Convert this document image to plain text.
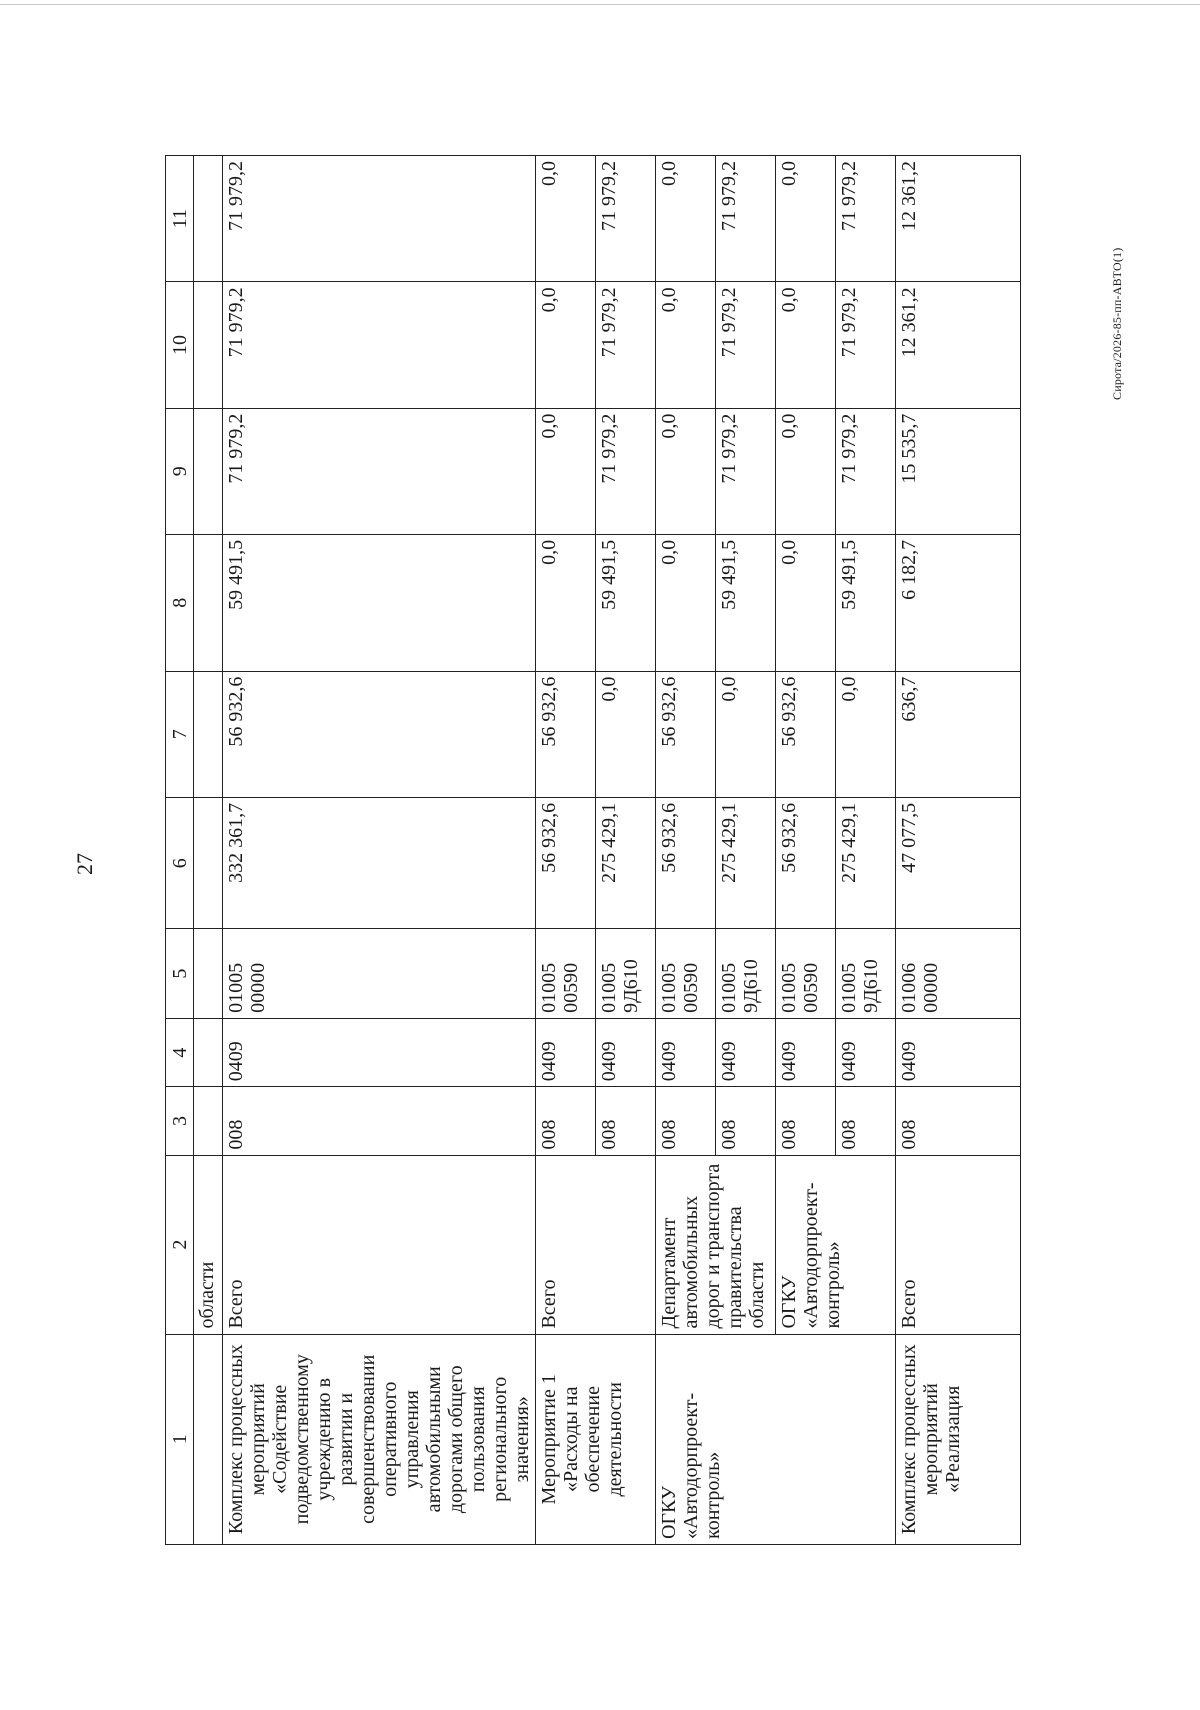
27
1	2	3	4	5	6	7	8	9	10	11
	области									
Комплекс процессных мероприятий «Содействие подведомственному учреждению в развитии и совершенствовании оперативного управления автомобильными дорогами общего пользования регионального значения»	Всего	008	0409	01005 00000	332 361,7	56 932,6	59 491,5	71 979,2	71 979,2	71 979,2
Мероприятие 1 «Расходы на обеспечение деятельности	Всего	008	0409	01005 00590	56 932,6	56 932,6	0,0	0,0	0,0	0,0
		008	0409	01005 9Д610	275 429,1	0,0	59 491,5	71 979,2	71 979,2	71 979,2
ОГКУ «Автодорпроект-контроль»	Департамент автомобильных дорог и транспорта правительства области	008	0409	01005 00590	56 932,6	56 932,6	0,0	0,0	0,0	0,0
		008	0409	01005 9Д610	275 429,1	0,0	59 491,5	71 979,2	71 979,2	71 979,2
	ОГКУ «Автодорпроект-контроль»	008	0409	01005 00590	56 932,6	56 932,6	0,0	0,0	0,0	0,0
		008	0409	01005 9Д610	275 429,1	0,0	59 491,5	71 979,2	71 979,2	71 979,2
Комплекс процессных мероприятий «Реализация	Всего	008	0409	01006 00000	47 077,5	636,7	6 182,7	15 535,7	12 361,2	12 361,2
Сирота/2026-85-пп-АВТО(1)
